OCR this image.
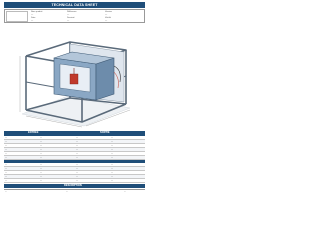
TECHNICAL DATA SHEET
Nom produit
—
Référence
—
Version
—
Date
—
Dessiné
—
Vérifié
—
ENTRÉE	SORTIE
—	—	—	—
—	—	—	—
—	—	—	—
—	—	—	—
—	—	—	—
—	—	—	—
—	—	—	—
—	—	—	—
—	—	—	—
—	—	—	—
—	—	—	—
DESCRIPTION
—	—	—
